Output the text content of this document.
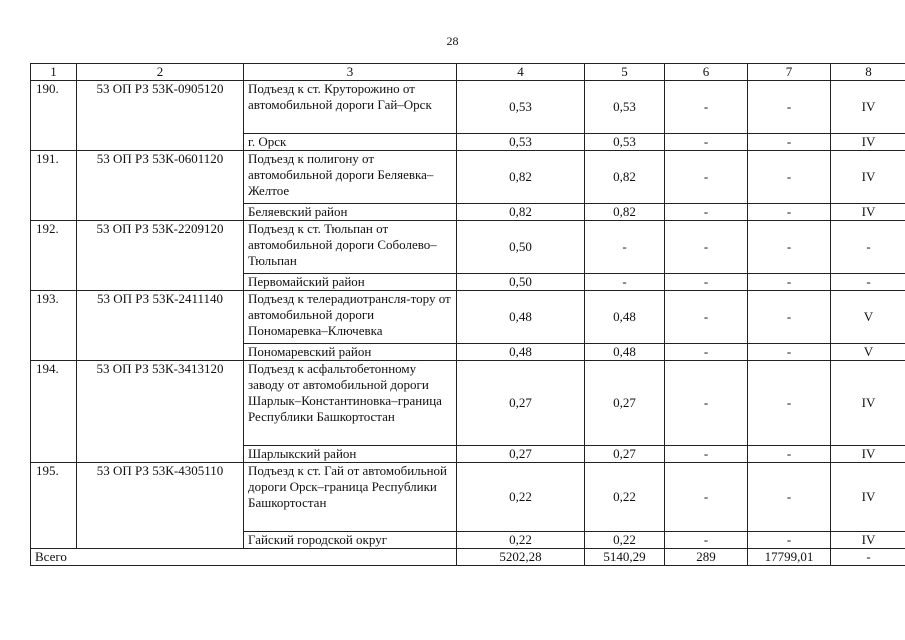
28
1	2	3	4	5	6	7	8
190.	53 ОП РЗ 53К-0905120	Подъезд к ст. Круторожино от автомобильной дороги Гай–Орск	0,53	0,53	-	-	IV
		г. Орск	0,53	0,53	-	-	IV
191.	53 ОП РЗ 53К-0601120	Подъезд к полигону от автомобильной дороги Беляевка–Желтое	0,82	0,82	-	-	IV
		Беляевский район	0,82	0,82	-	-	IV
192.	53 ОП РЗ 53К-2209120	Подъезд к ст. Тюльпан от автомобильной дороги Соболево–Тюльпан	0,50	-	-	-	-
		Первомайский район	0,50	-	-	-	-
193.	53 ОП РЗ 53К-2411140	Подъезд к телерадиотрансля-тору от автомобильной дороги Пономаревка–Ключевка	0,48	0,48	-	-	V
		Пономаревский район	0,48	0,48	-	-	V
194.	53 ОП РЗ 53К-3413120	Подъезд к асфальтобетонному заводу от автомобильной дороги Шарлык–Константиновка–граница Республики Башкортостан	0,27	0,27	-	-	IV
		Шарлыкский район	0,27	0,27	-	-	IV
195.	53 ОП РЗ 53К-4305110	Подъезд к ст. Гай от автомобильной дороги Орск–граница Республики Башкортостан	0,22	0,22	-	-	IV
		Гайский городской округ	0,22	0,22	-	-	IV
Всего			5202,28	5140,29	289	17799,01	-
